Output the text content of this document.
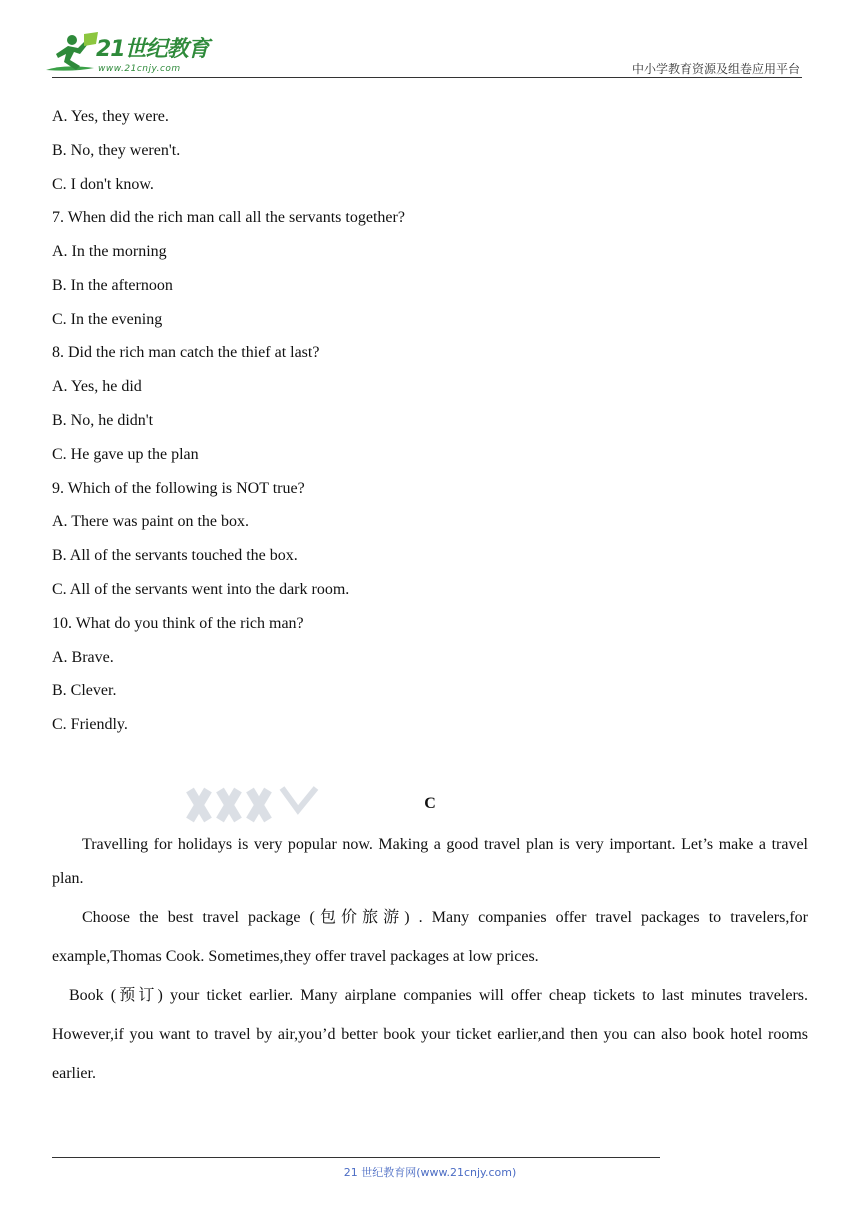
21世纪教育
www.21cnjy.com	中小学教育资源及组卷应用平台
A. Yes, they were.
B. No, they weren't.
C. I don't know.
7. When did the rich man call all the servants together?
A. In the morning
B. In the afternoon
C. In the evening
8. Did the rich man catch the thief at last?
A. Yes, he did
B. No, he didn't
C. He gave up the plan
9. Which of the following is NOT true?
A. There was paint on the box.
B. All of the servants touched the box.
C. All of the servants went into the dark room.
10. What do you think of the rich man?
A. Brave.
B. Clever.
C. Friendly.
C
Travelling for holidays is very popular now. Making a good travel plan is very important. Let’s make a travel plan.
Choose the best travel package (包价旅游) . Many companies offer travel packages to travelers,for example,Thomas Cook. Sometimes,they offer travel packages at low prices.
Book (预订) your ticket earlier. Many airplane companies will offer cheap tickets to last minutes travelers. However,if you want to travel by air,you’d better book your ticket earlier,and then you can also book hotel rooms earlier.
21 世纪教育网(www.21cnjy.com)
